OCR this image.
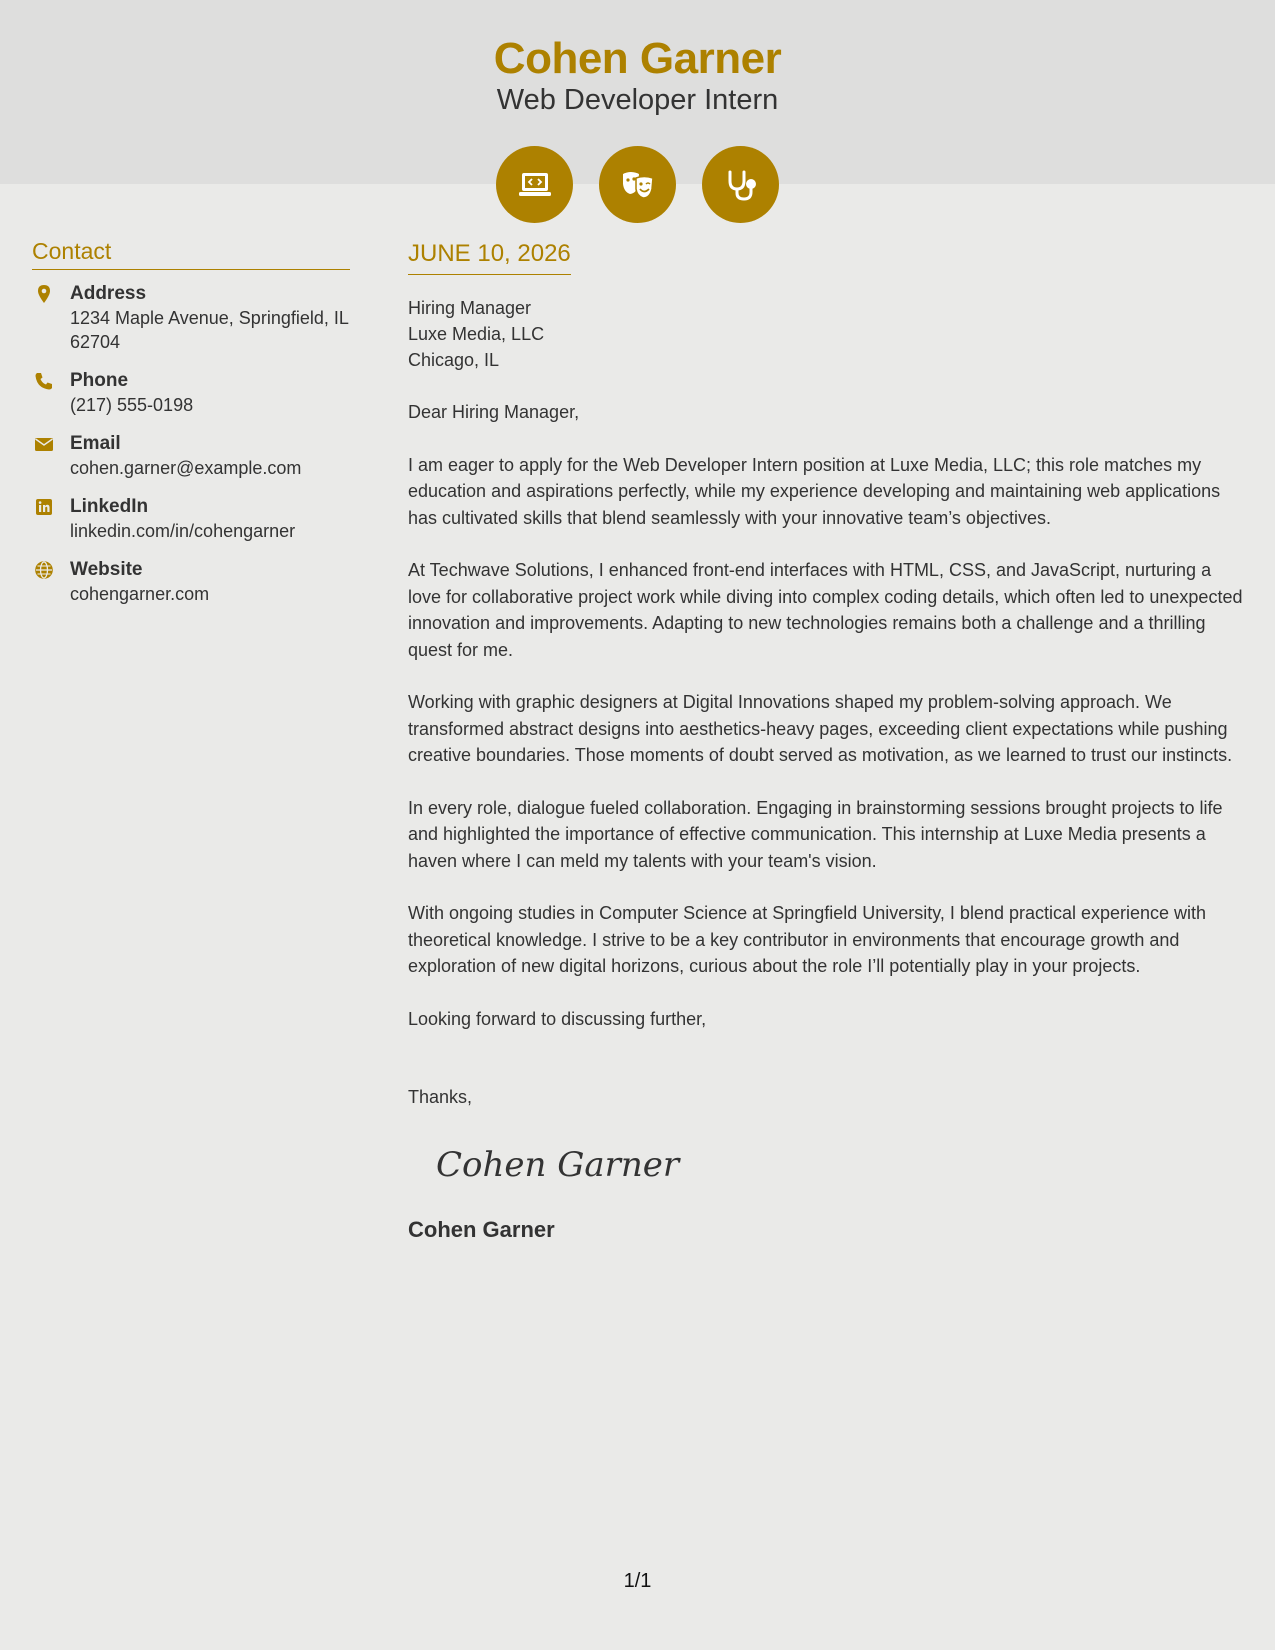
Cohen Garner
Web Developer Intern
Contact
Address
1234 Maple Avenue, Springfield, IL 62704
Phone
(217) 555-0198
Email
cohen.garner@example.com
LinkedIn
linkedin.com/in/cohengarner
Website
cohengarner.com
JUNE 10, 2026
Hiring Manager
Luxe Media, LLC
Chicago, IL

Dear Hiring Manager,

I am eager to apply for the Web Developer Intern position at Luxe Media, LLC; this role matches my education and aspirations perfectly, while my experience developing and maintaining web applications has cultivated skills that blend seamlessly with your innovative team’s objectives.

At Techwave Solutions, I enhanced front-end interfaces with HTML, CSS, and JavaScript, nurturing a love for collaborative project work while diving into complex coding details, which often led to unexpected innovation and improvements. Adapting to new technologies remains both a challenge and a thrilling quest for me.

Working with graphic designers at Digital Innovations shaped my problem-solving approach. We transformed abstract designs into aesthetics-heavy pages, exceeding client expectations while pushing creative boundaries. Those moments of doubt served as motivation, as we learned to trust our instincts.

In every role, dialogue fueled collaboration. Engaging in brainstorming sessions brought projects to life and highlighted the importance of effective communication. This internship at Luxe Media presents a haven where I can meld my talents with your team's vision.

With ongoing studies in Computer Science at Springfield University, I blend practical experience with theoretical knowledge. I strive to be a key contributor in environments that encourage growth and exploration of new digital horizons, curious about the role I’ll potentially play in your projects.

Looking forward to discussing further,

Thanks,

Cohen Garner
Cohen Garner
1/1
